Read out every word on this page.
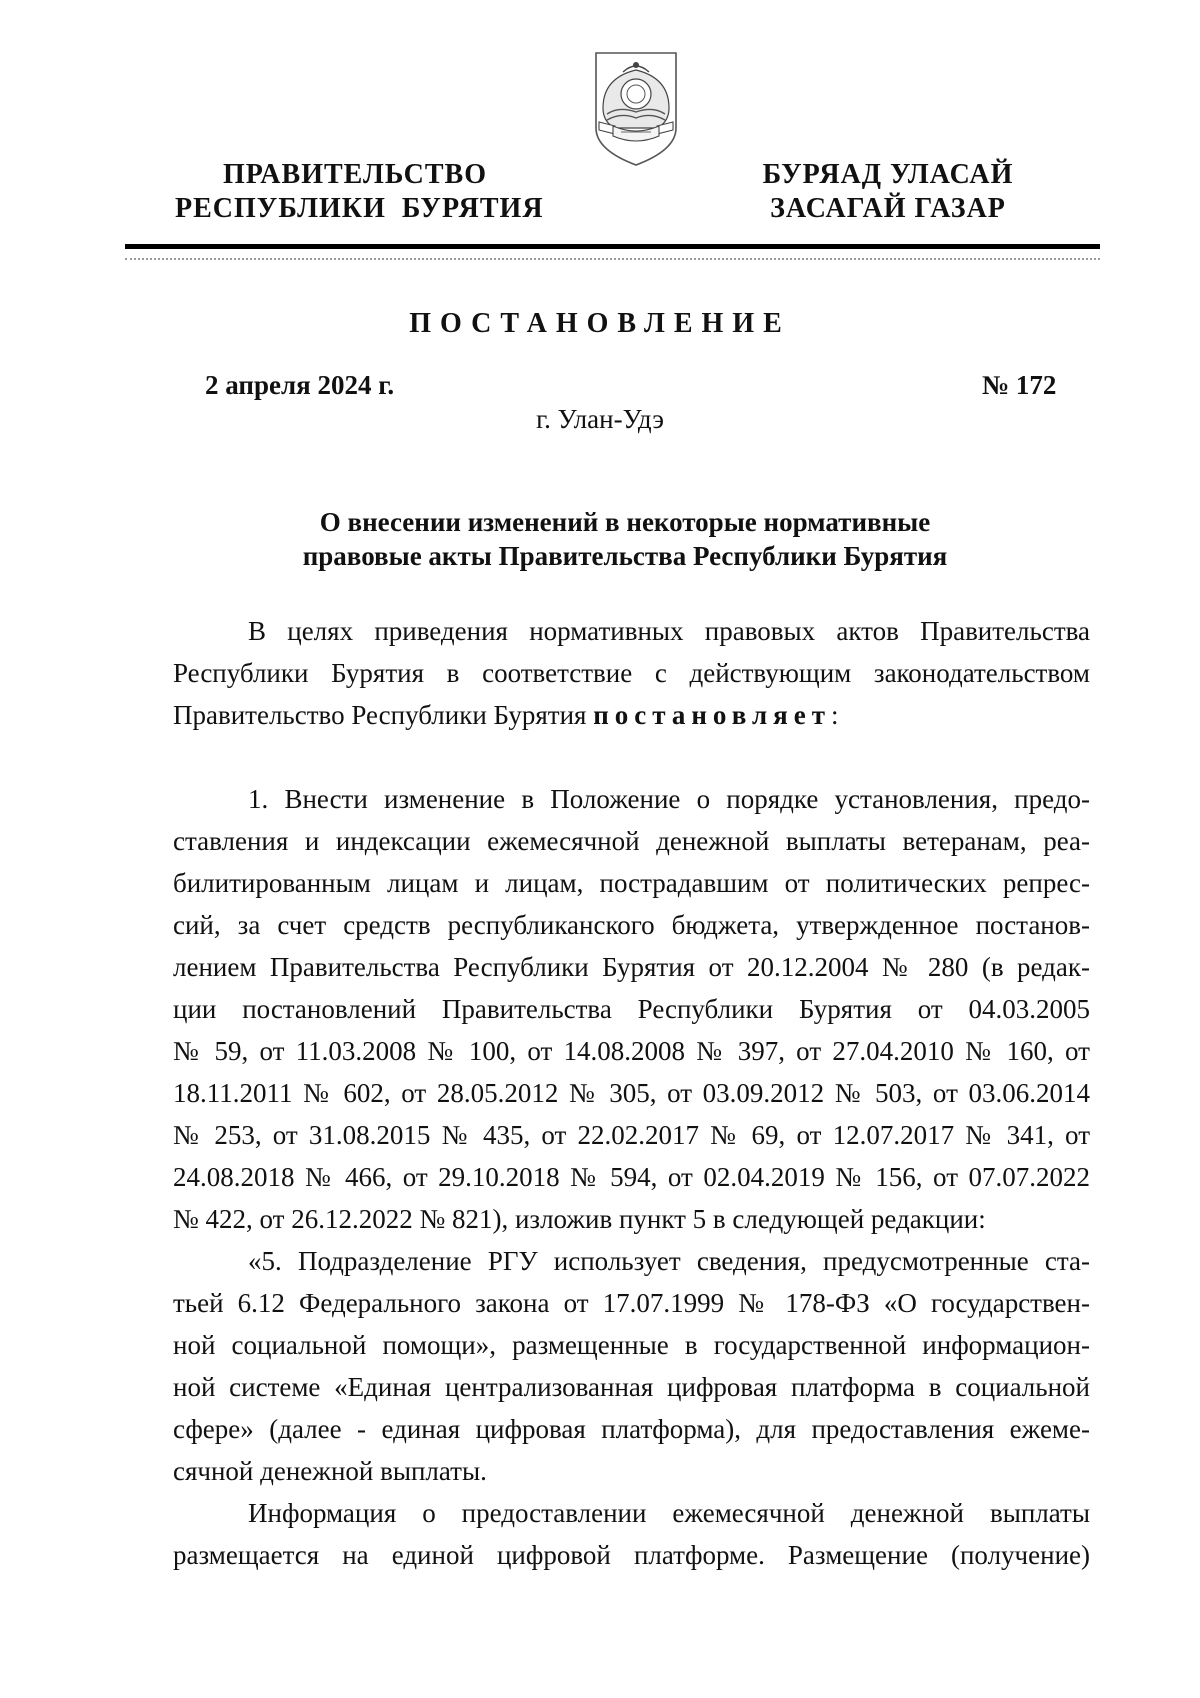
ПРАВИТЕЛЬСТВО
РЕСПУБЛИКИ  БУРЯТИЯ
БУРЯАД УЛАСАЙ
ЗАСАГАЙ ГАЗАР
ПОСТАНОВЛЕНИЕ
2 апреля 2024 г.	№ 172
г. Улан-Удэ
О внесении изменений в некоторые нормативные
правовые акты Правительства Республики Бурятия
В целях приведения нормативных правовых актов Правительства
Республики Бурятия в соответствие с действующим законодательством
Правительство Республики Бурятия постановляет:
1. Внести изменение в Положение о порядке установления, предо-
ставления и индексации ежемесячной денежной выплаты ветеранам, реа-
билитированным лицам и лицам, пострадавшим от политических репрес-
сий, за счет средств республиканского бюджета, утвержденное постанов-
лением Правительства Республики Бурятия от 20.12.2004 № 280 (в редак-
ции постановлений Правительства Республики Бурятия от 04.03.2005
№ 59, от 11.03.2008 № 100, от 14.08.2008 № 397, от 27.04.2010 № 160, от
18.11.2011 № 602, от 28.05.2012 № 305, от 03.09.2012 № 503, от 03.06.2014
№ 253, от 31.08.2015 № 435, от 22.02.2017 № 69, от 12.07.2017 № 341, от
24.08.2018 № 466, от 29.10.2018 № 594, от 02.04.2019 № 156, от 07.07.2022
№ 422, от 26.12.2022 № 821), изложив пункт 5 в следующей редакции:
«5. Подразделение РГУ использует сведения, предусмотренные ста-
тьей 6.12 Федерального закона от 17.07.1999 № 178-ФЗ «О государствен-
ной социальной помощи», размещенные в государственной информацион-
ной системе «Единая централизованная цифровая платформа в социальной
сфере» (далее - единая цифровая платформа), для предоставления ежеме-
сячной денежной выплаты.
Информация о предоставлении ежемесячной денежной выплаты
размещается на единой цифровой платформе. Размещение (получение)
